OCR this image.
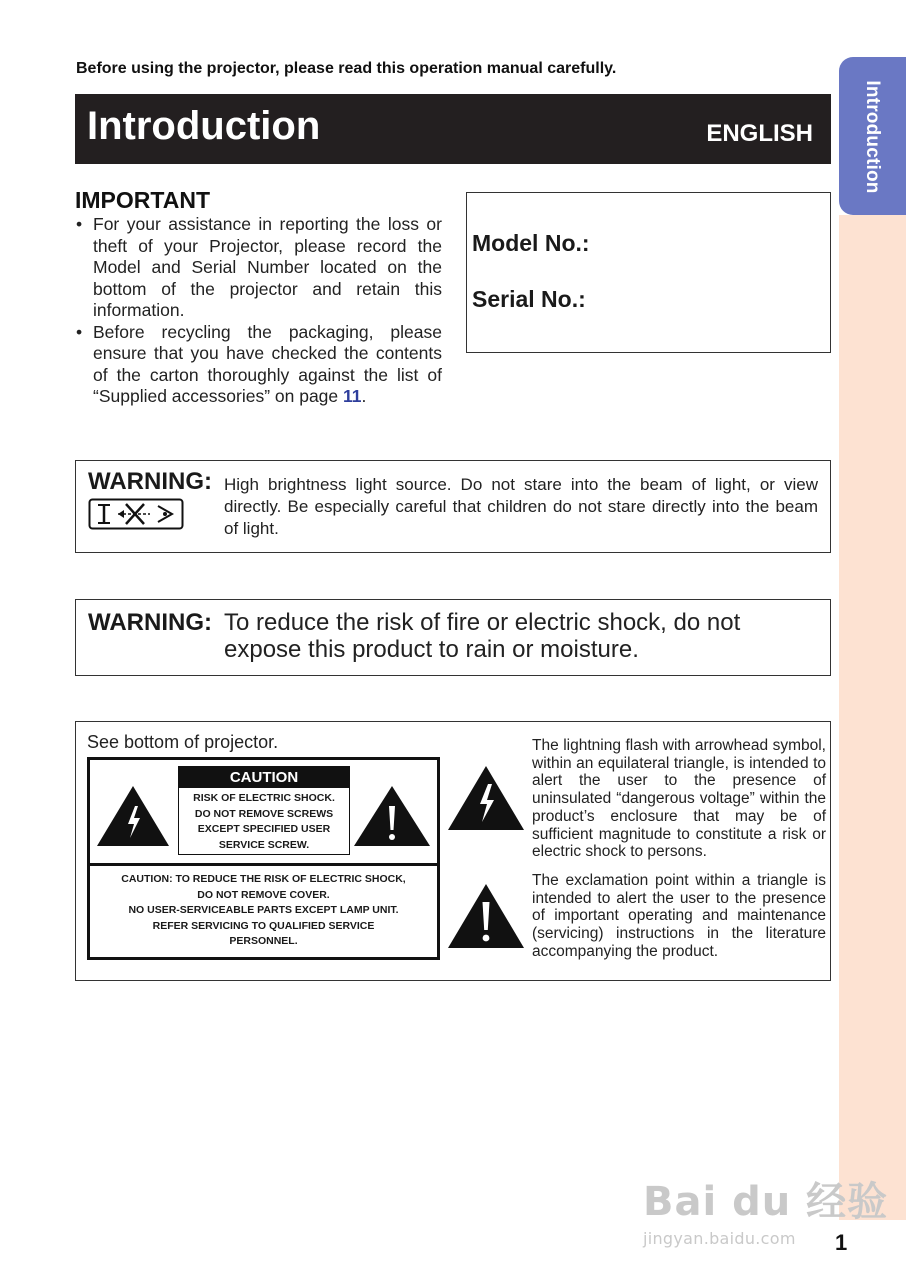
Introduction
Before using the projector, please read this operation manual carefully.
Introduction	ENGLISH
IMPORTANT
• For your assistance in reporting the loss or theft of your Projector, please record the Model and Serial Number located on the bottom of the projector and retain this information.
• Before recycling the packaging, please ensure that you have checked the contents of the carton thoroughly against the list of “Supplied accessories” on page 11.
Model No.:
Serial No.:
WARNING: High brightness light source. Do not stare into the beam of light, or view directly. Be especially careful that children do not stare directly into the beam of light.
WARNING: To reduce the risk of fire or electric shock, do not expose this product to rain or moisture.
See bottom of projector.
CAUTION
RISK OF ELECTRIC SHOCK.
DO NOT REMOVE SCREWS
EXCEPT SPECIFIED USER
SERVICE SCREW.
CAUTION: TO REDUCE THE RISK OF ELECTRIC SHOCK,
DO NOT REMOVE COVER.
NO USER-SERVICEABLE PARTS EXCEPT LAMP UNIT.
REFER SERVICING TO QUALIFIED SERVICE
PERSONNEL.
The lightning flash with arrowhead symbol, within an equilateral triangle, is intended to alert the user to the presence of uninsulated “dangerous voltage” within the product’s enclosure that may be of sufficient magnitude to constitute a risk or electric shock to persons.
The exclamation point within a triangle is intended to alert the user to the presence of important operating and maintenance (servicing) instructions in the literature accompanying the product.
Bai du 经验
jingyan.baidu.com	1
